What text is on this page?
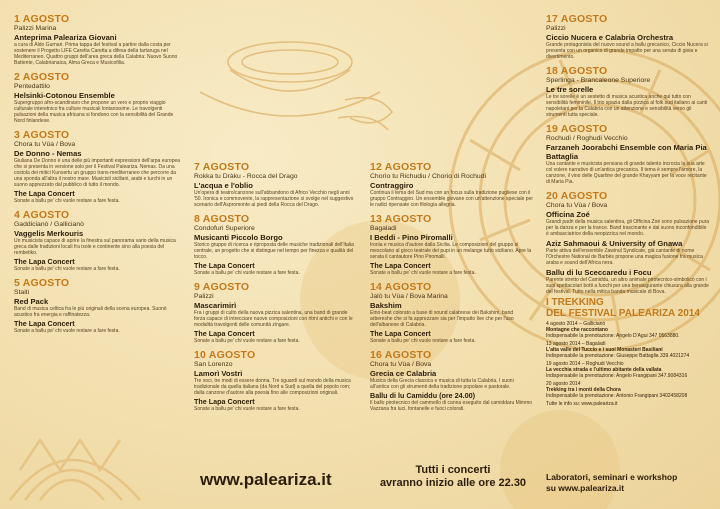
1 AGOSTO
Palizzi Marina
Anteprima Paleariza Giovani
a cura di Aldo Gurnari. Prima tappa del festival a partire dalla costa per sostenere il Progetto LIFE Caretta Caretta a difesa della tartaruga nel Mediterraneo. Quattro gruppi dell'area greca della Calabria: Nuovo Suono Battente, Calabrianaica, Alma Greca e Musicofilia.
2 AGOSTO
Pentedattilo
Helsinki-Cotonou Ensemble
Supergruppo afro-scandinavo che propone un vero e proprio viaggio culturale interetnico fra culture musicali lontanissime. Le travolgenti pulsazioni della musica africana si fondono con la sensibilità del Grande Nord finlandese.
3 AGOSTO
Chora tu Vùa / Bova
De Donno - Nemas
Giuliana De Donno è una delle più importanti espressioni dell'arpa europea che si presenta in versione solo per il Festival Paleariza. Nemas. Da una costola dei mitici Kunsertu un gruppo trans-mediterraneo che percorre da una sponda all'altra il nostro mare. Musicisti siciliani, arabi e turchi in un suono apprezzato dal pubblico di tutto il mondo.
The Lapa Concert
Sonate a ballu pe' chi vuole restare a fare festa.
4 AGOSTO
Gaddicianò / Gallicianò
Vaggelis Merkouris
Un musicista capace di aprire la finestra sul panorama vario della musica greca dalle tradizioni locali fra isole e continente sino alla poesia del rembetiko.
The Lapa Concert
Sonate a ballu pe' chi vuole restare a fare festa.
5 AGOSTO
Staiti
Red Pack
Band di musica celtica fra le più originali della scena europea. Suonò acustico fra energia e raffinatezza.
The Lapa Concert
Sonate a ballu pe' chi vuole restare a fare festa.
7 AGOSTO
Rokka tu Dràku - Rocca del Drago
L'acqua e l'oblio
Un'opera di teatro/canzone sull'abbandono di Africo Vecchio negli anni '50. Ironica e commovente, la rappresentazione si svolge nel suggestivo scenario dell'Aspromonte ai piedi della Rocca del Drago.
8 AGOSTO
Condofuri Superiore
Musicanti Piccolo Borgo
Storico gruppo di ricerca e riproposta delle musiche tradizionali dell'Italia centrale, un progetto che si distingue nel tempo per finezza e qualità del tocco.
The Lapa Concert
Sonate a ballu pe' chi vuole restare a fare festa.
9 AGOSTO
Palizzi
Mascarimirì
Fra i gruppi di culto della nuova pizzica salentina, una band di grande forza capace di intrecciare nuove composizioni con ritmi antichi e con le modalità travolgenti delle comunità zingare.
The Lapa Concert
Sonate a ballu pe' chi vuole restare a fare festa.
10 AGOSTO
San Lorenzo
Lamorì Vostri
Tre voci, tre modi di essere donna. Tre sguardi sul mondo della musica tradizionale da quella italiana (da Nord a Sud) a quella del popolo rom; dalla canzone d'autore alla poesia fino alle composizioni originali.
The Lapa Concert
Sonate a ballu pe' chi vuole restare a fare festa.
12 AGOSTO
Chorìo tu Richudiu / Chorio di Rochudi
Contraggiro
Continua il tema del Sud ma con un focus sulla tradizione pugliese con il gruppo Contraggiro. Un ensemble giovane con un'attenzione speciale per le radici ripensate con filologia allegria.
13 AGOSTO
Bagaladi
I Beddi - Pino Piromalli
Ironia e musica d'autore dalla Sicilia. Le composizioni del gruppo si mescolano al gioco teatrale dei pupi in un melange tutto siciliano. Apre la serata il cantautore Pino Piromalli.
The Lapa Concert
Sonate a ballu pe' chi vuole restare a fare festa.
14 AGOSTO
Jalò tu Vùa / Bova Marina
Bakshim
Etno-beat colorato a base di sound calabrese dei Bakshim, band arbereshe che si fa apprezzare sia per l'impatto live che per l'uso dell'albanese di Calabria.
The Lapa Concert
Sonate a ballu pe' chi vuole restare a fare festa.
16 AGOSTO
Chora tu Vùa / Bova
Grecia ce Calabria
Musica della Grecia classica e musica di tutta la Calabria. I suoni all'antica con gli strumenti della tradizione popolare e pastorale.
Ballu di lu Camiddu (ore 24.00)
Il ballo pirotecnico del cammello di canna eseguito dal camiddaru Mimmo Vazzana fra luci, fontanelle e fuoci colorati.
17 AGOSTO
Palizzi
Ciccio Nucera e Calabria Orchestra
Grande protagonista del nuovo sound a ballu grecanico, Ciccio Nucera si presenta con un organico di grande impatto per una serata di gioia e divertimento.
18 AGOSTO
Sperlinga - Brancaleone Superiore
Le tre sorelle
Le tre sorelle è un sestetto di musica acustica anche qui tutto con sensibilità femminile. Il trio spazia dalla pizzica al folk sud italiano ai canti napoletani per la Calabria con un attenzione e sensibilità verso gli strumenti tutta speciale.
19 AGOSTO
Rochudi / Roghudi Vecchio
Farzaneh Joorabchi Ensemble con Maria Pia Battaglia
Una cantante e musicista persiana di grande talento incrocia la sua arte col volere narrativo di un'antica grecanica. Il tema è sempre l'amore, la canzone, il vino delle Quartine del grande Khayyam per la voce recitante di Maria Pia.
20 AGOSTO
Chora tu Vùa / Bova
Officina Zoé
Grandi padri della musica salentina, gli Officina Zoé sono pulsazione pura per la danza e per la trance. Band trascinante e dal suono inconfondibile è ambasciatrice della neopizzica nel mondo.
Aziz Sahmaoui & University of Gnawa
Parte attiva dell'ensemble Zawinul Syndicate, già cantante di nome l'Orchestre National de Barbès propone una magica fusione fra musica araba e sound dell'Africa nera.
Ballu di lu Sceccaredu i Focu
Parente stretto del Camiddu, un altro animale pirotecnico-simbolico con i suoi spettacolari botti a fuochi per una benaugurante chiusura alla grande del festival. Tutto nella mitica banda musicale di Bova.
I TREKKING
DEL FESTIVAL PALEARIZA 2014
4 agosto 2014 – Gallicianò
Montagne che raccontano
Indispensabile la prenotazione: Angelo D'Agui 347 0563880.
13 agosto 2014 – Bagaladi
L'alta valle del Tuccio e i suoi Monasteri Basiliani
Indispensabile la prenotazione: Giuseppe Battaglia 339.4021274
19 agosto 2014 – Roghudi Vecchio
La vecchia strada e l'ultimo abitante della vallata
Indispensabile la prenotazione: Angelo Frangipani 347.9084316
20 agosto 2014
Trekking tra i monti della Chora
Indispensabile la prenotazione: Antonio Frangipani 3402458208
Tutte le info su: www.paleariza.it
www.paleariza.it	Tutti i concerti
avranno inizio alle ore 22.30	Laboratori, seminari e workshop
su www.paleariza.it
